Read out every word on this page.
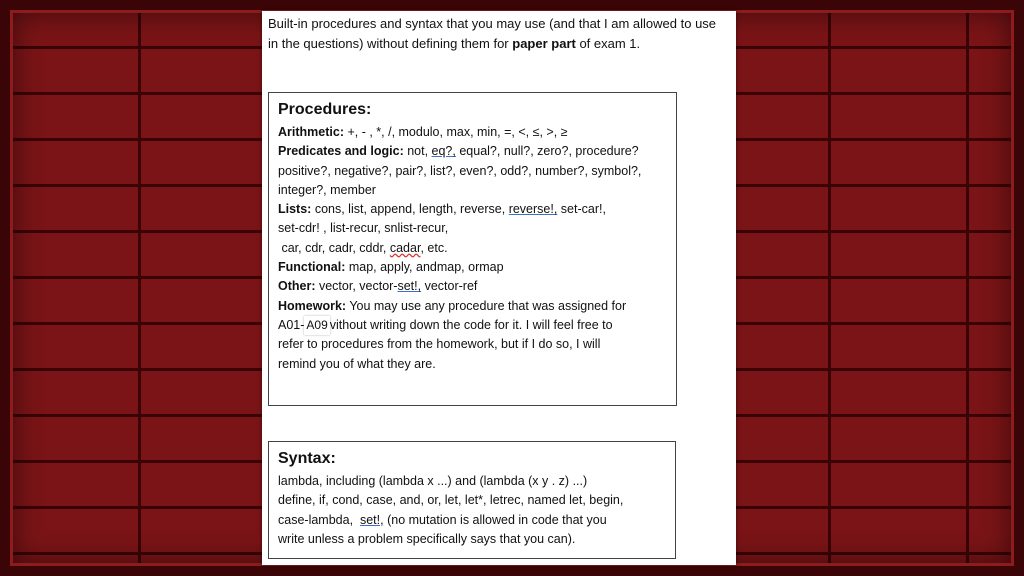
Built-in procedures and syntax that you may use (and that I am allowed to use
in the questions) without defining them for paper part of exam 1.
Procedures:
Arithmetic: +, - , *, /, modulo, max, min, =, <, ≤, >, ≥
Predicates and logic: not, eq?, equal?, null?, zero?, procedure?
positive?, negative?, pair?, list?, even?, odd?, number?, symbol?,
integer?, member
Lists: cons, list, append, length, reverse, reverse!, set-car!,
set-cdr! , list-recur, snlist-recur,
car, cdr, cadr, cddr, cadar, etc.
Functional: map, apply, andmap, ormap
Other: vector, vector-set!, vector-ref
Homework: You may use any procedure that was assigned for
A01- A09 vithout writing down the code for it. I will feel free to
refer to procedures from the homework, but if I do so, I will
remind you of what they are.
Syntax:
lambda, including (lambda x ...) and (lambda (x y . z) ...)
define, if, cond, case, and, or, let, let*, letrec, named let, begin,
case-lambda,  set!, (no mutation is allowed in code that you
write unless a problem specifically says that you can).
